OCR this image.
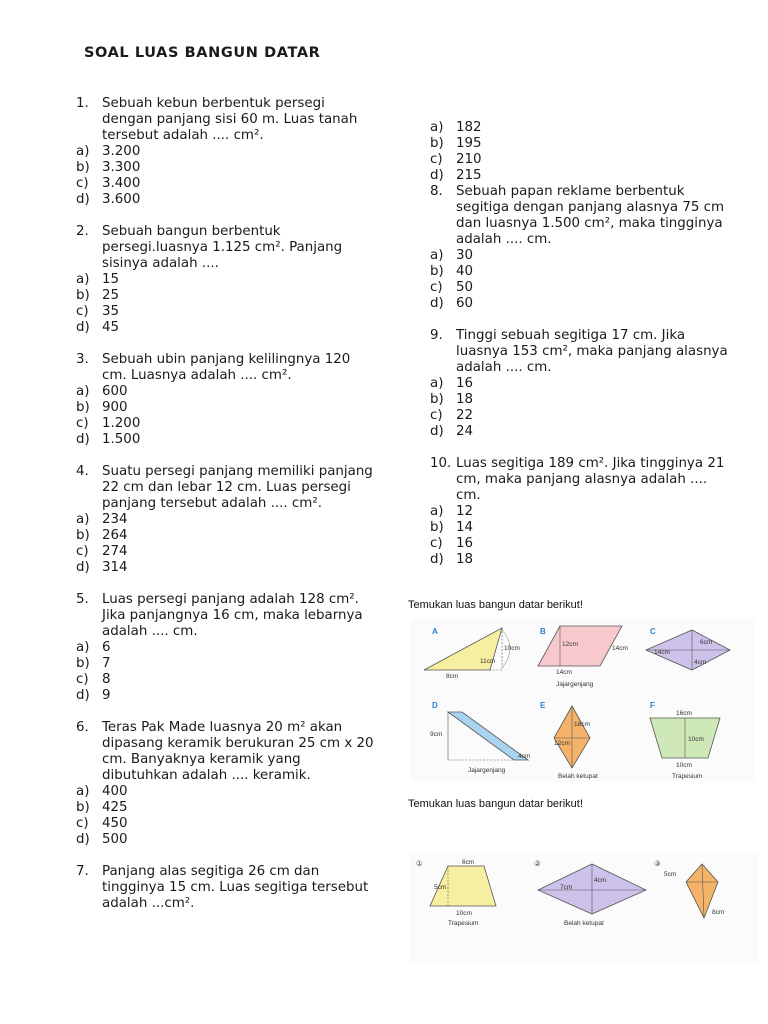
SOAL LUAS BANGUN DATAR
1. Sebuah kebun berbentuk persegi dengan panjang sisi 60 m. Luas tanah tersebut adalah .... cm².
a) 3.200
b) 3.300
c)	3.400
d) 3.600
2. Sebuah bangun berbentuk persegi.luasnya 1.125 cm². Panjang sisinya adalah ....
a) 15
b) 25
c)	35
d) 45
3. Sebuah ubin panjang kelilingnya 120 cm. Luasnya adalah .... cm².
a) 600
b) 900
c)	1.200
d) 1.500
4. Suatu persegi panjang memiliki panjang 22 cm dan lebar 12 cm. Luas persegi panjang tersebut adalah .... cm².
a) 234
b) 264
c)	274
d) 314
5. Luas persegi panjang adalah 128 cm². Jika panjangnya 16 cm, maka lebarnya adalah .... cm.
a) 6
b) 7
c)	8
d) 9
6. Teras Pak Made luasnya 20 m² akan dipasang keramik berukuran 25 cm x 20 cm. Banyaknya keramik yang dibutuhkan adalah .... keramik.
a) 400
b) 425
c)	450
d) 500
7. Panjang alas segitiga 26 cm dan tingginya 15 cm. Luas segitiga tersebut adalah ...cm².
a) 182
b) 195
c)	210
d) 215
8. Sebuah papan reklame berbentuk segitiga dengan panjang alasnya 75 cm dan luasnya 1.500 cm², maka tingginya adalah .... cm.
a) 30
b) 40
c)	50
d) 60
9. Tinggi sebuah segitiga 17 cm. Jika luasnya 153 cm², maka panjang alasnya adalah .... cm.
a) 16
b) 18
c)	22
d) 24
10. Luas segitiga 189 cm². Jika tingginya 21 cm, maka panjang alasnya adalah .... cm.
a) 12
b) 14
c)	16
d) 18
Temukan luas bangun datar berikut!
A
10cm
11cm
8cm
B
12cm
14cm
14cm
Jajargenjang
C
6cm
14cm
4cm
D
9cm
4cm
Jajargenjang
E
18cm
12cm
Belah ketupat
F
16cm
10cm
10cm
Trapesium
Temukan luas bangun datar berikut!
①	6cm
5cm
10cm
Trapesium
②
4cm
7cm
Belah ketupat
③
5cm
8cm
